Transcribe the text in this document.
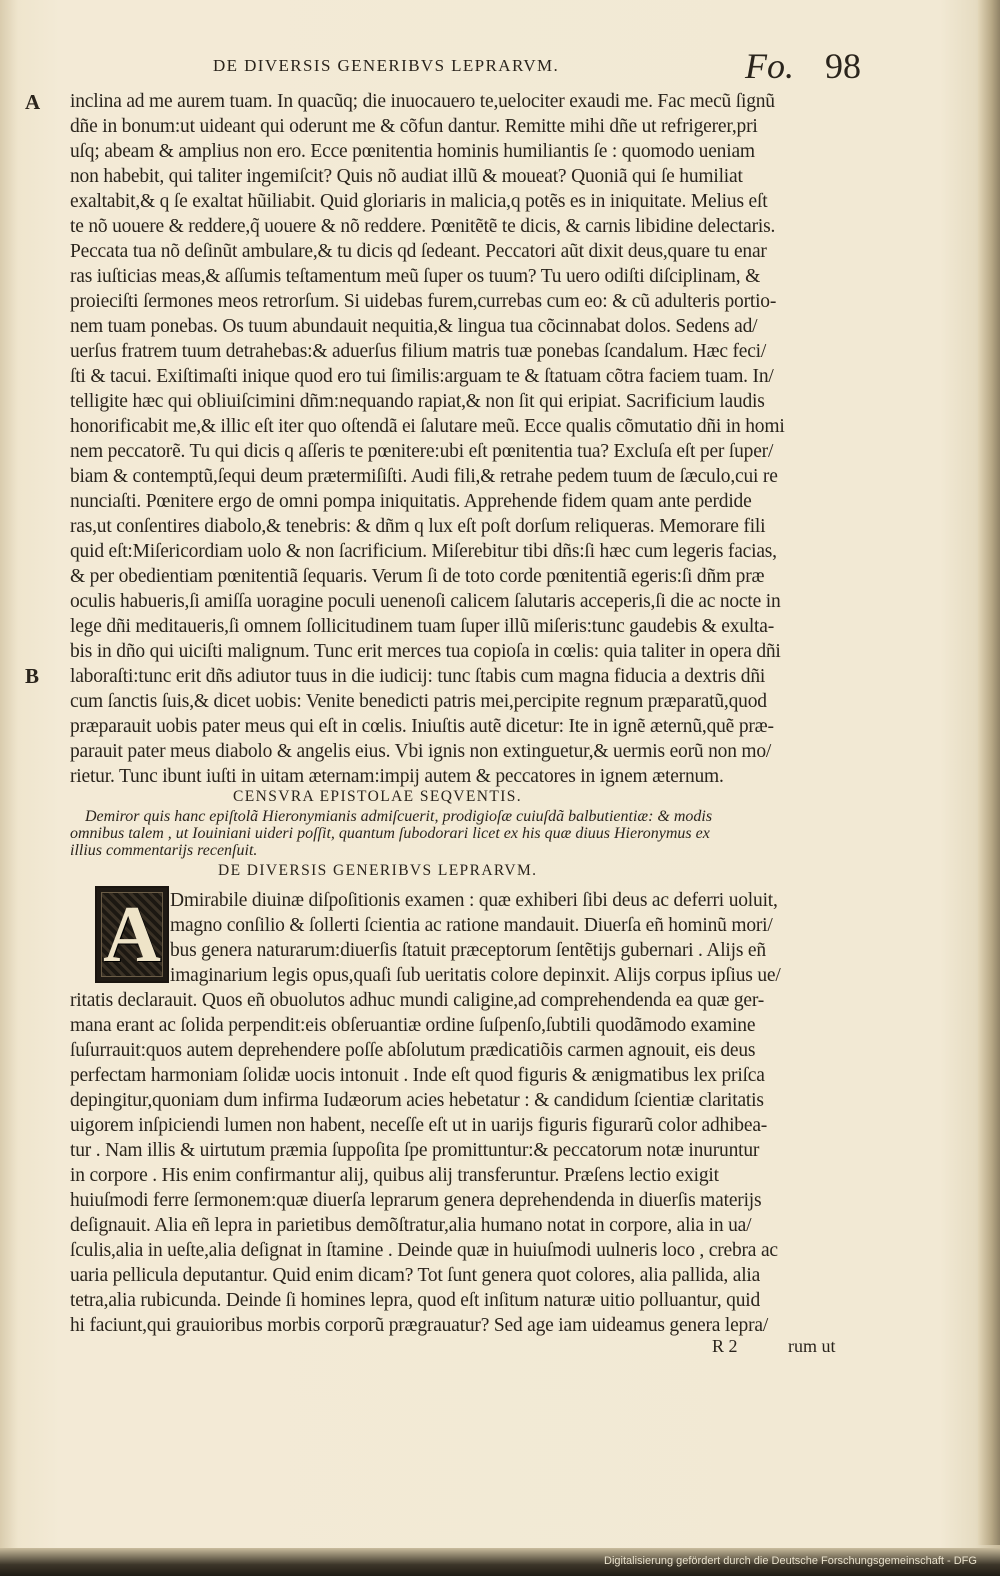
DE DIVERSIS GENERIBVS LEPRARVM.	Fo. 98
A
B
inclina ad me aurem tuam. In quacũq; die inuocauero te,uelociter exaudi me. Fac mecũ ſignũ
dñe in bonum:ut uideant qui oderunt me & cõfun dantur. Remitte mihi dñe ut refrigerer,pri
uſq; abeam & amplius non ero. Ecce pœnitentia hominis humiliantis ſe : quomodo ueniam
non habebit, qui taliter ingemiſcit? Quis nõ audiat illũ & moueat? Quoniã qui ſe humiliat
exaltabit,& q ſe exaltat hũiliabit. Quid gloriaris in malicia,q potẽs es in iniquitate. Melius eſt
te nõ uouere & reddere,q̃ uouere & nõ reddere. Pœnitẽtẽ te dicis, & carnis libidine delectaris.
Peccata tua nõ deſinũt ambulare,& tu dicis qd ſedeant. Peccatori aũt dixit deus,quare tu enar
ras iuſticias meas,& aſſumis teſtamentum meũ ſuper os tuum? Tu uero odiſti diſciplinam, &
proieciſti ſermones meos retrorſum. Si uidebas furem,currebas cum eo: & cũ adulteris portio-
nem tuam ponebas. Os tuum abundauit nequitia,& lingua tua cõcinnabat dolos. Sedens ad/
uerſus fratrem tuum detrahebas:& aduerſus filium matris tuæ ponebas ſcandalum. Hæc feci/
ſti & tacui. Exiſtimaſti inique quod ero tui ſimilis:arguam te & ſtatuam cõtra faciem tuam. In/
telligite hæc qui obliuiſcimini dñm:nequando rapiat,& non ſit qui eripiat. Sacrificium laudis
honorificabit me,& illic eſt iter quo oſtendã ei ſalutare meũ. Ecce qualis cõmutatio dñi in homi
nem peccatorẽ. Tu qui dicis q aſſeris te pœnitere:ubi eſt pœnitentia tua? Excluſa eſt per ſuper/
biam & contemptũ,ſequi deum prætermiſiſti. Audi fili,& retrahe pedem tuum de ſæculo,cui re
nunciaſti. Pœnitere ergo de omni pompa iniquitatis. Apprehende fidem quam ante perdide
ras,ut conſentires diabolo,& tenebris: & dñm q lux eſt poſt dorſum reliqueras. Memorare fili
quid eſt:Miſericordiam uolo & non ſacrificium. Miſerebitur tibi dñs:ſi hæc cum legeris facias,
& per obedientiam pœnitentiã ſequaris. Verum ſi de toto corde pœnitentiã egeris:ſi dñm præ
oculis habueris,ſi amiſſa uoragine poculi uenenoſi calicem ſalutaris acceperis,ſi die ac nocte in
lege dñi meditaueris,ſi omnem ſollicitudinem tuam ſuper illũ miſeris:tunc gaudebis & exulta-
bis in dño qui uiciſti malignum. Tunc erit merces tua copioſa in cœlis: quia taliter in opera dñi
laboraſti:tunc erit dñs adiutor tuus in die iudicij: tunc ſtabis cum magna fiducia a dextris dñi
cum ſanctis ſuis,& dicet uobis: Venite benedicti patris mei,percipite regnum præparatũ,quod
præparauit uobis pater meus qui eſt in cœlis. Iniuſtis autẽ dicetur: Ite in ignẽ æternũ,quẽ præ-
parauit pater meus diabolo & angelis eius. Vbi ignis non extinguetur,& uermis eorũ non mo/
rietur. Tunc ibunt iuſti in uitam æternam:impij autem & peccatores in ignem æternum.
CENSVRA EPISTOLAE SEQVENTIS.
Demiror quis hanc epiſtolã Hieronymianis admiſcuerit, prodigioſæ cuiuſdã balbutientiæ: & modis
omnibus talem , ut Iouiniani uideri poſſit, quantum ſubodorari licet ex his quæ diuus Hieronymus ex
illius commentarijs recenſuit.
DE DIVERSIS GENERIBVS LEPRARVM.
A Dmirabile diuinæ diſpoſitionis examen : quæ exhiberi ſibi deus ac deferri uoluit,
magno conſilio & ſollerti ſcientia ac ratione mandauit. Diuerſa eñ hominũ mori/
bus genera naturarum:diuerſis ſtatuit præceptorum ſentẽtijs gubernari . Alijs eñ
imaginarium legis opus,quaſi ſub ueritatis colore depinxit. Alijs corpus ipſius ue/
ritatis declarauit. Quos eñ obuolutos adhuc mundi caligine,ad comprehendenda ea quæ ger-
mana erant ac ſolida perpendit:eis obſeruantiæ ordine ſuſpenſo,ſubtili quodãmodo examine
ſuſurrauit:quos autem deprehendere poſſe abſolutum prædicatiõis carmen agnouit, eis deus
perfectam harmoniam ſolidæ uocis intonuit . Inde eſt quod figuris & ænigmatibus lex priſca
depingitur,quoniam dum infirma Iudæorum acies hebetatur : & candidum ſcientiæ claritatis
uigorem inſpiciendi lumen non habent, neceſſe eſt ut in uarijs figuris figurarũ color adhibea-
tur . Nam illis & uirtutum præmia ſuppoſita ſpe promittuntur:& peccatorum notæ inuruntur
in corpore . His enim confirmantur alij, quibus alij transferuntur. Præſens lectio exigit
huiuſmodi ferre ſermonem:quæ diuerſa leprarum genera deprehendenda in diuerſis materijs
deſignauit. Alia eñ lepra in parietibus demõſtratur,alia humano notat in corpore, alia in ua/
ſculis,alia in ueſte,alia deſignat in ſtamine . Deinde quæ in huiuſmodi uulneris loco , crebra ac
uaria pellicula deputantur. Quid enim dicam? Tot ſunt genera quot colores, alia pallida, alia
tetra,alia rubicunda. Deinde ſi homines lepra, quod eſt inſitum naturæ uitio polluantur, quid
hi faciunt,qui grauioribus morbis corporũ prægrauatur? Sed age iam uideamus genera lepra/
R 2	rum ut
Digitalisierung gefördert durch die Deutsche Forschungsgemeinschaft - DFG
